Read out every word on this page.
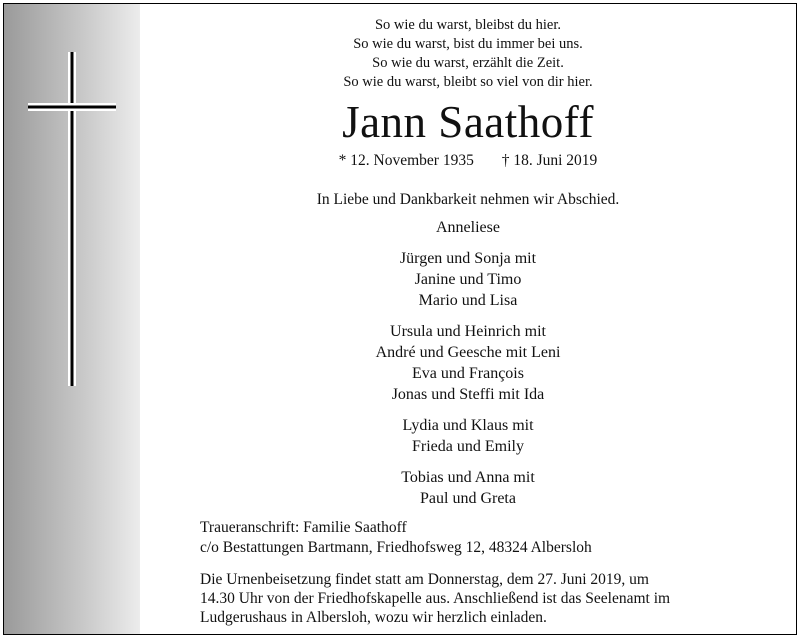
So wie du warst, bleibst du hier.
So wie du warst, bist du immer bei uns.
So wie du warst, erzählt die Zeit.
So wie du warst, bleibt so viel von dir hier.
Jann Saathoff
* 12. November 1935 † 18. Juni 2019
In Liebe und Dankbarkeit nehmen wir Abschied.
Anneliese
Jürgen und Sonja mit
Janine und Timo
Mario und Lisa
Ursula und Heinrich mit
André und Geesche mit Leni
Eva und François
Jonas und Steffi mit Ida
Lydia und Klaus mit
Frieda und Emily
Tobias und Anna mit
Paul und Greta
Traueranschrift: Familie Saathoff
c/o Bestattungen Bartmann, Friedhofsweg 12, 48324 Albersloh
Die Urnenbeisetzung findet statt am Donnerstag, dem 27. Juni 2019, um
14.30 Uhr von der Friedhofskapelle aus. Anschließend ist das Seelenamt im
Ludgerushaus in Albersloh, wozu wir herzlich einladen.
